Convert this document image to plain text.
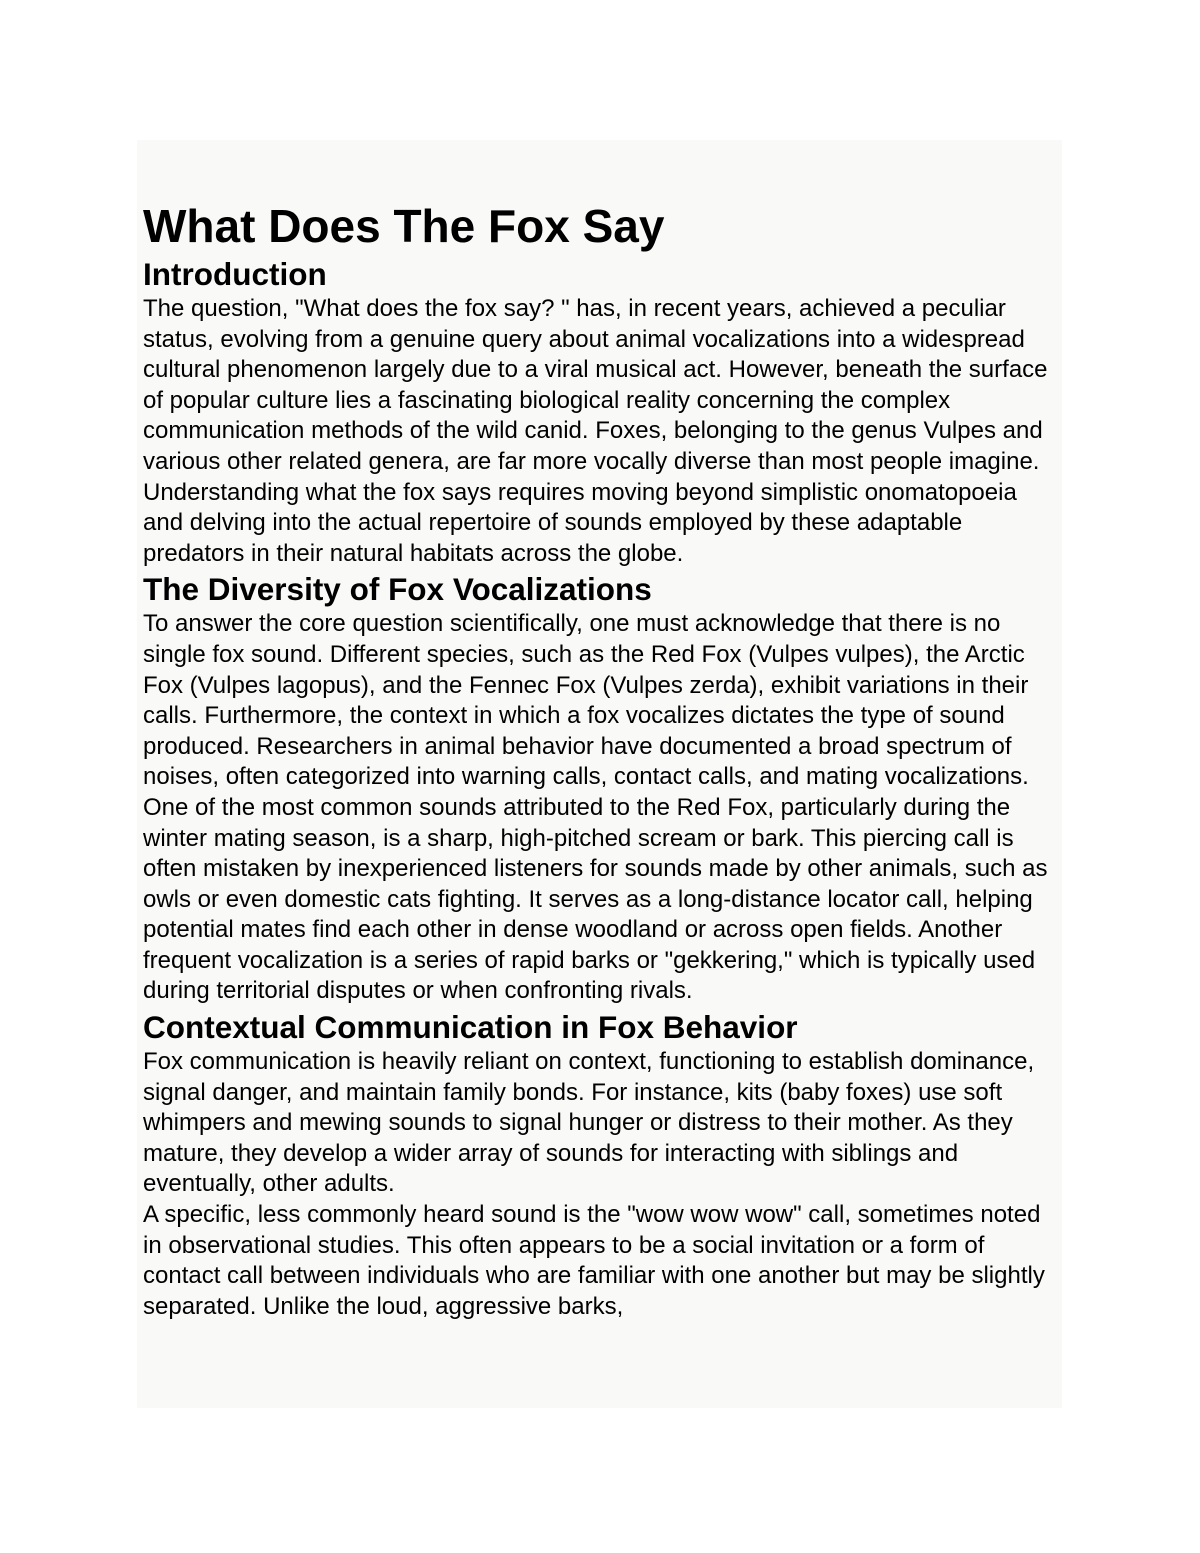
What Does The Fox Say
Introduction

The question, "What does the fox say? " has, in recent years, achieved a peculiar status, evolving from a genuine query about animal vocalizations into a widespread cultural phenomenon largely due to a viral musical act. However, beneath the surface of popular culture lies a fascinating biological reality concerning the complex communication methods of the wild canid. Foxes, belonging to the genus Vulpes and various other related genera, are far more vocally diverse than most people imagine. Understanding what the fox says requires moving beyond simplistic onomatopoeia and delving into the actual repertoire of sounds employed by these adaptable predators in their natural habitats across the globe.

The Diversity of Fox Vocalizations

To answer the core question scientifically, one must acknowledge that there is no single fox sound. Different species, such as the Red Fox (Vulpes vulpes), the Arctic Fox (Vulpes lagopus), and the Fennec Fox (Vulpes zerda), exhibit variations in their calls. Furthermore, the context in which a fox vocalizes dictates the type of sound produced. Researchers in animal behavior have documented a broad spectrum of noises, often categorized into warning calls, contact calls, and mating vocalizations.

One of the most common sounds attributed to the Red Fox, particularly during the winter mating season, is a sharp, high-pitched scream or bark. This piercing call is often mistaken by inexperienced listeners for sounds made by other animals, such as owls or even domestic cats fighting. It serves as a long-distance locator call, helping potential mates find each other in dense woodland or across open fields. Another frequent vocalization is a series of rapid barks or "gekkering," which is typically used during territorial disputes or when confronting rivals.

Contextual Communication in Fox Behavior

Fox communication is heavily reliant on context, functioning to establish dominance, signal danger, and maintain family bonds. For instance, kits (baby foxes) use soft whimpers and mewing sounds to signal hunger or distress to their mother. As they mature, they develop a wider array of sounds for interacting with siblings and eventually, other adults.

A specific, less commonly heard sound is the "wow wow wow" call, sometimes noted in observational studies. This often appears to be a social invitation or a form of contact call between individuals who are familiar with one another but may be slightly separated. Unlike the loud, aggressive barks,
